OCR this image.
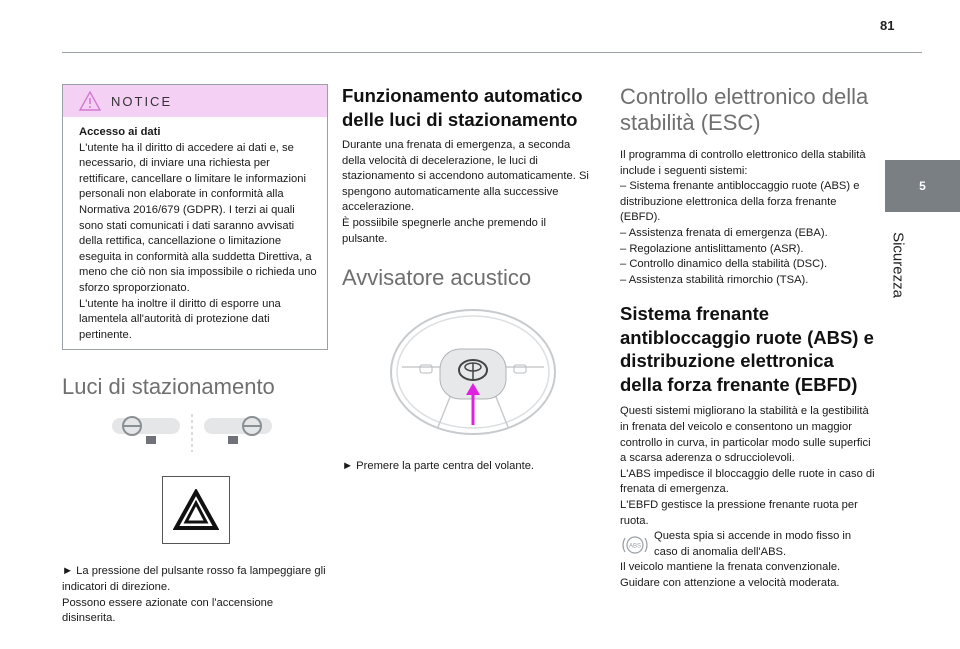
81
5
Sicurezza
NOTICE
Accesso ai dati
L'utente ha il diritto di accedere ai dati e, se necessario, di inviare una richiesta per rettificare, cancellare o limitare le informazioni personali non elaborate in conformità alla Normativa 2016/679 (GDPR). I terzi ai quali sono stati comunicati i dati saranno avvisati della rettifica, cancellazione o limitazione eseguita in conformità alla suddetta Direttiva, a meno che ciò non sia impossibile o richieda uno sforzo sproporzionato.
L'utente ha inoltre il diritto di esporre una lamentela all'autorità di protezione dati pertinente.
Luci di stazionamento

► La pressione del pulsante rosso fa lampeggiare gli indicatori di direzione.

Possono essere azionate con l'accensione disinserita.

Funzionamento automatico delle luci di stazionamento

Durante una frenata di emergenza, a seconda della velocità di decelerazione, le luci di stazionamento si accendono automaticamente. Si spengono automaticamente alla successive accelerazione.

È possiibile spegnerle anche premendo il pulsante.

Avvisatore acustico

► Premere la parte centra del volante.

Controllo elettronico della stabilità (ESC)

Il programma di controllo elettronico della stabilità include i seguenti sistemi:

– Sistema frenante antibloccaggio ruote (ABS) e distribuzione elettronica della forza frenante (EBFD).
– Assistenza frenata di emergenza (EBA).
– Regolazione antislittamento (ASR).
– Controllo dinamico della stabilità (DSC).
– Assistenza stabilità rimorchio (TSA).
Sistema frenante antibloccaggio ruote (ABS) e distribuzione elettronica della forza frenante (EBFD)

Questi sistemi migliorano la stabilità e la gestibilità in frenata del veicolo e consentono un maggior controllo in curva, in particolar modo sulle superfici a scarsa aderenza o sdrucciolevoli.

L'ABS impedisce il bloccaggio delle ruote in caso di frenata di emergenza.

L'EBFD gestisce la pressione frenante ruota per ruota.

ABS

Questa spia si accende in modo fisso in caso di anomalia dell'ABS.

Il veicolo mantiene la frenata convenzionale.

Guidare con attenzione a velocità moderata.
